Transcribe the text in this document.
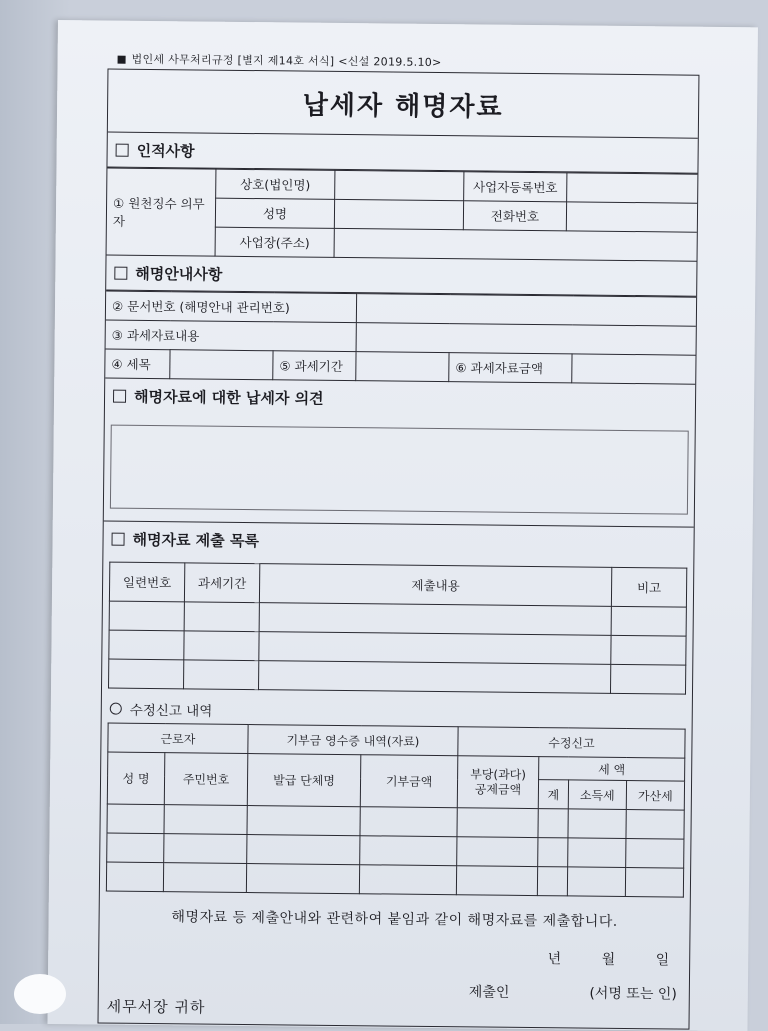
법인세 사무처리규정 [별지 제14호 서식] <신설 2019.5.10>
납세자 해명자료
인적사항
① 원천징수 의무자	상호(법인명)		사업자등록번호	
	성명		전화번호	
	사업장(주소)			
해명안내사항
② 문서번호 (해명안내 관리번호)					
③ 과세자료내용					
④ 세목		⑤ 과세기간		⑥ 과세자료금액	
해명자료에 대한 납세자 의견
해명자료 제출 목록
일련번호	과세기간	제출내용	비고

수정신고 내역
근로자		기부금 영수증 내역(자료)		수정신고			
성 명	주민번호	발급 단체명	기부금액	부당(과다) 공제금액	세 액		
					계	소득세	가산세

해명자료 등 제출안내와 관련하여 붙임과 같이 해명자료를 제출합니다.
년 월 일
제출인	(서명 또는 인)
세무서장 귀하
